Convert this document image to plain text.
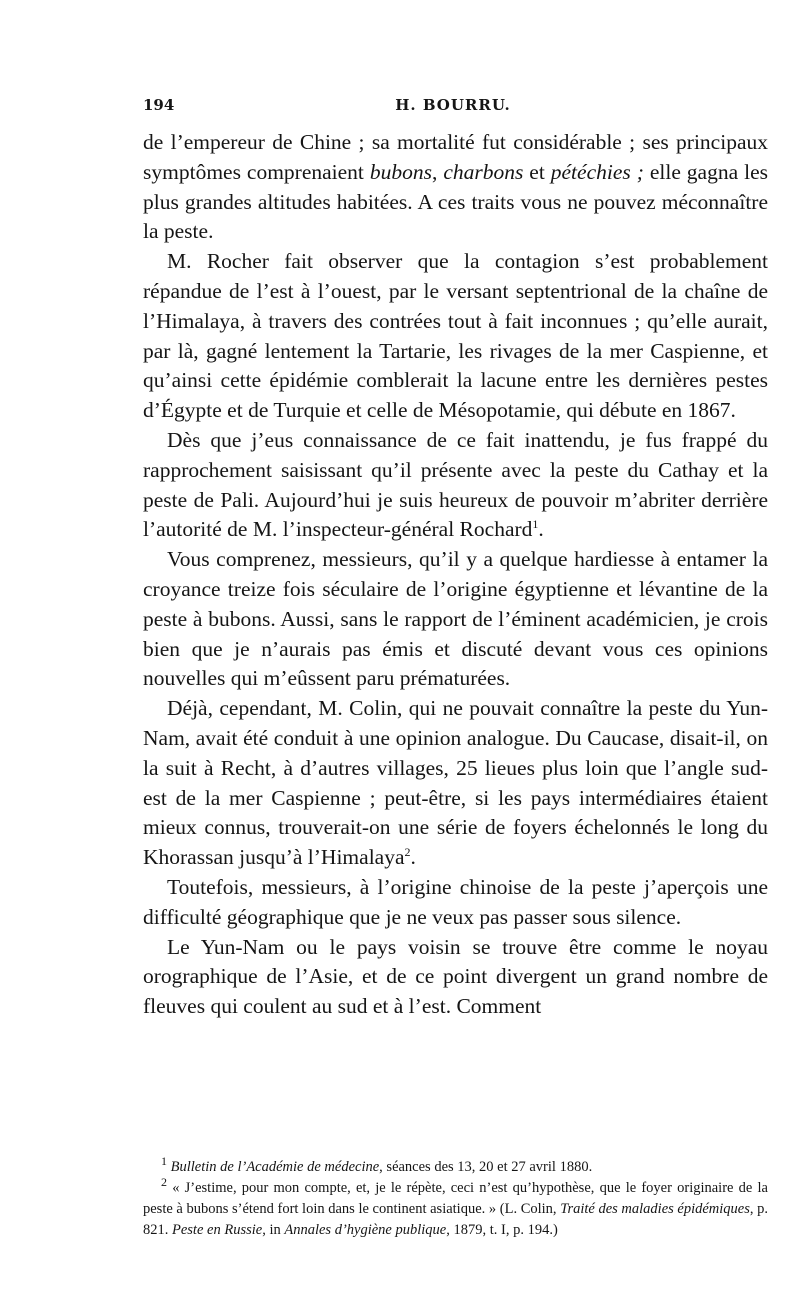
194	H. BOURRU.

de l’empereur de Chine ; sa mortalité fut considérable ; ses principaux symptômes comprenaient bubons, charbons et pétéchies ; elle gagna les plus grandes altitudes habitées. A ces traits vous ne pouvez méconnaître la peste.

M. Rocher fait observer que la contagion s’est probablement répandue de l’est à l’ouest, par le versant septentrional de la chaîne de l’Himalaya, à travers des contrées tout à fait inconnues ; qu’elle aurait, par là, gagné lentement la Tartarie, les rivages de la mer Caspienne, et qu’ainsi cette épidémie comblerait la lacune entre les dernières pestes d’Égypte et de Turquie et celle de Mésopotamie, qui débute en 1867.

Dès que j’eus connaissance de ce fait inattendu, je fus frappé du rapprochement saisissant qu’il présente avec la peste du Cathay et la peste de Pali. Aujourd’hui je suis heureux de pouvoir m’abriter derrière l’autorité de M. l’inspecteur-général Rochard$^1$.

Vous comprenez, messieurs, qu’il y a quelque hardiesse à entamer la croyance treize fois séculaire de l’origine égyptienne et lévantine de la peste à bubons. Aussi, sans le rapport de l’éminent académicien, je crois bien que je n’aurais pas émis et discuté devant vous ces opinions nouvelles qui m’eûssent paru prématurées.

Déjà, cependant, M. Colin, qui ne pouvait connaître la peste du Yun-Nam, avait été conduit à une opinion analogue. Du Caucase, disait-il, on la suit à Recht, à d’autres villages, 25 lieues plus loin que l’angle sud-est de la mer Caspienne ; peut-être, si les pays intermédiaires étaient mieux connus, trouverait-on une série de foyers échelonnés le long du Khorassan jusqu’à l’Himalaya$^2$.

Toutefois, messieurs, à l’origine chinoise de la peste j’aperçois une difficulté géographique que je ne veux pas passer sous silence.

Le Yun-Nam ou le pays voisin se trouve être comme le noyau orographique de l’Asie, et de ce point divergent un grand nombre de fleuves qui coulent au sud et à l’est. Comment

$^1$ Bulletin de l’Académie de médecine, séances des 13, 20 et 27 avril 1880.

$^2$ « J’estime, pour mon compte, et, je le répète, ceci n’est qu’hypothèse, que le foyer originaire de la peste à bubons s’étend fort loin dans le continent asiatique. » (L. Colin, Traité des maladies épidémiques, p. 821. Peste en Russie, in Annales d’hygiène publique, 1879, t. I, p. 194.)
